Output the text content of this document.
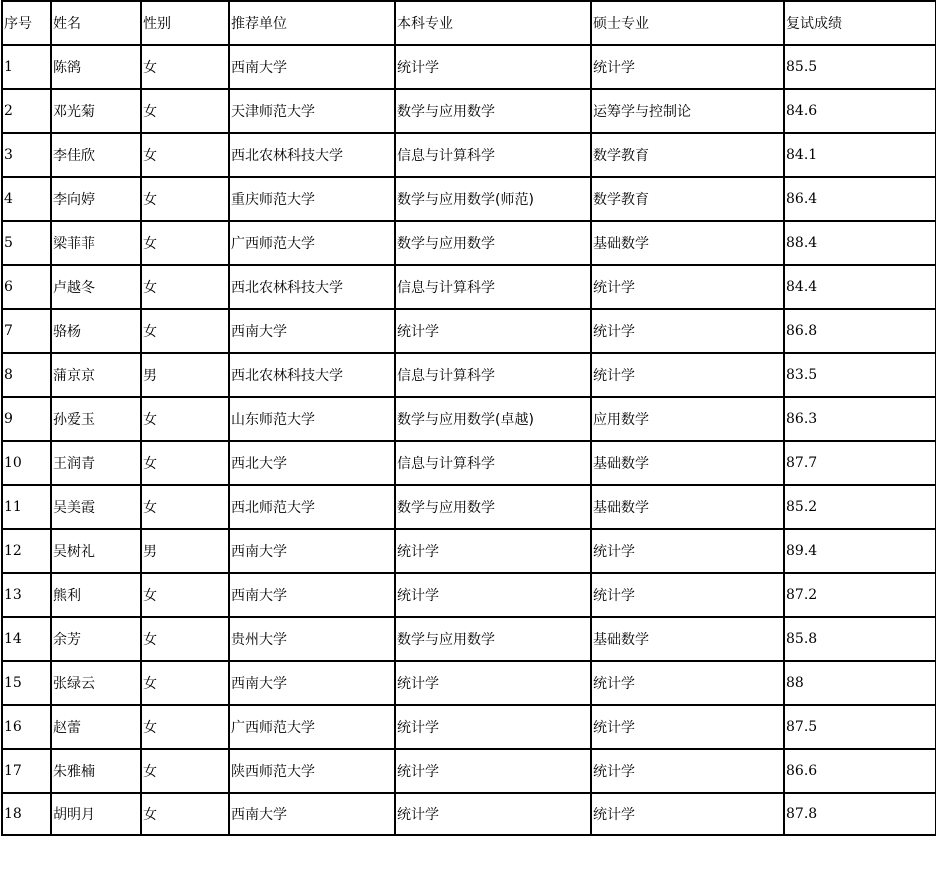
序号	姓名	性别	推荐单位	本科专业	硕士专业	复试成绩
1	陈鹆	女	西南大学	统计学	统计学	85.5
2	邓光菊	女	天津师范大学	数学与应用数学	运筹学与控制论	84.6
3	李佳欣	女	西北农林科技大学	信息与计算科学	数学教育	84.1
4	李向婷	女	重庆师范大学	数学与应用数学(师范)	数学教育	86.4
5	梁菲菲	女	广西师范大学	数学与应用数学	基础数学	88.4
6	卢越冬	女	西北农林科技大学	信息与计算科学	统计学	84.4
7	骆杨	女	西南大学	统计学	统计学	86.8
8	蒲京京	男	西北农林科技大学	信息与计算科学	统计学	83.5
9	孙爱玉	女	山东师范大学	数学与应用数学(卓越)	应用数学	86.3
10	王润青	女	西北大学	信息与计算科学	基础数学	87.7
11	吴美霞	女	西北师范大学	数学与应用数学	基础数学	85.2
12	吴树礼	男	西南大学	统计学	统计学	89.4
13	熊利	女	西南大学	统计学	统计学	87.2
14	余芳	女	贵州大学	数学与应用数学	基础数学	85.8
15	张绿云	女	西南大学	统计学	统计学	88
16	赵蕾	女	广西师范大学	统计学	统计学	87.5
17	朱雅楠	女	陕西师范大学	统计学	统计学	86.6
18	胡明月	女	西南大学	统计学	统计学	87.8
